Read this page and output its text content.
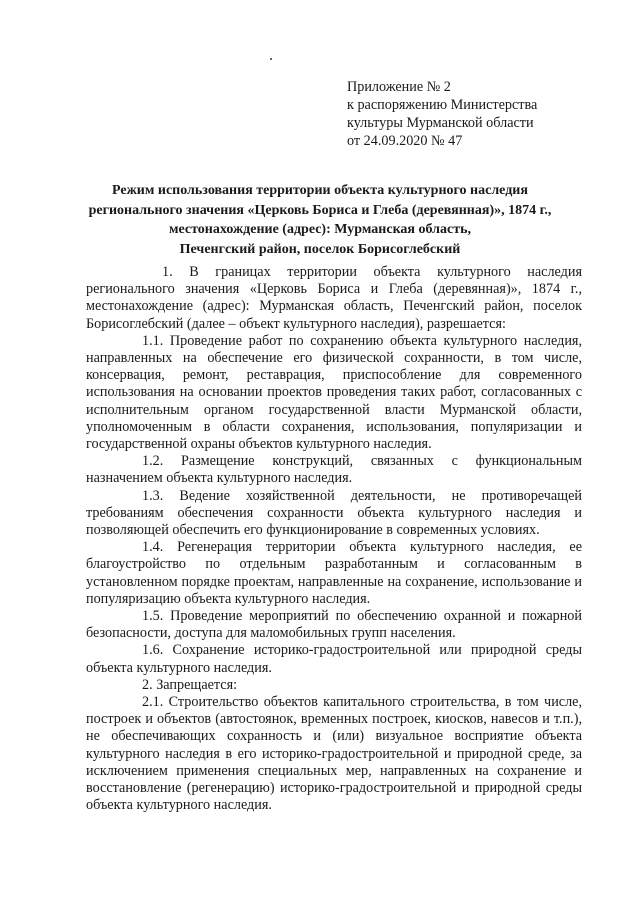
Приложение № 2
к распоряжению Министерства
культуры Мурманской области
от 24.09.2020 № 47
Режим использования территории объекта культурного наследия
регионального значения «Церковь Бориса и Глеба (деревянная)», 1874 г.,
местонахождение (адрес): Мурманская область,
Печенгский район, поселок Борисоглебский

1. В границах территории объекта культурного наследия регионального значения «Церковь Бориса и Глеба (деревянная)», 1874 г., местонахождение (адрес): Мурманская область, Печенгский район, поселок Борисоглебский (далее – объект культурного наследия), разрешается:

1.1. Проведение работ по сохранению объекта культурного наследия, направленных на обеспечение его физической сохранности, в том числе, консервация, ремонт, реставрация, приспособление для современного использования на основании проектов проведения таких работ, согласованных с исполнительным органом государственной власти Мурманской области, уполномоченным в области сохранения, использования, популяризации и государственной охраны объектов культурного наследия.

1.2. Размещение конструкций, связанных с функциональным назначением объекта культурного наследия.

1.3. Ведение хозяйственной деятельности, не противоречащей требованиям обеспечения сохранности объекта культурного наследия и позволяющей обеспечить его функционирование в современных условиях.

1.4. Регенерация территории объекта культурного наследия, ее благоустройство по отдельным разработанным и согласованным в установленном порядке проектам, направленные на сохранение, использование и популяризацию объекта культурного наследия.

1.5. Проведение мероприятий по обеспечению охранной и пожарной безопасности, доступа для маломобильных групп населения.

1.6. Сохранение историко-градостроительной или природной среды объекта культурного наследия.

2. Запрещается:

2.1. Строительство объектов капитального строительства, в том числе, построек и объектов (автостоянок, временных построек, киосков, навесов и т.п.), не обеспечивающих сохранность и (или) визуальное восприятие объекта культурного наследия в его историко-градостроительной и природной среде, за исключением применения специальных мер, направленных на сохранение и восстановление (регенерацию) историко-градостроительной и природной среды объекта культурного наследия.
